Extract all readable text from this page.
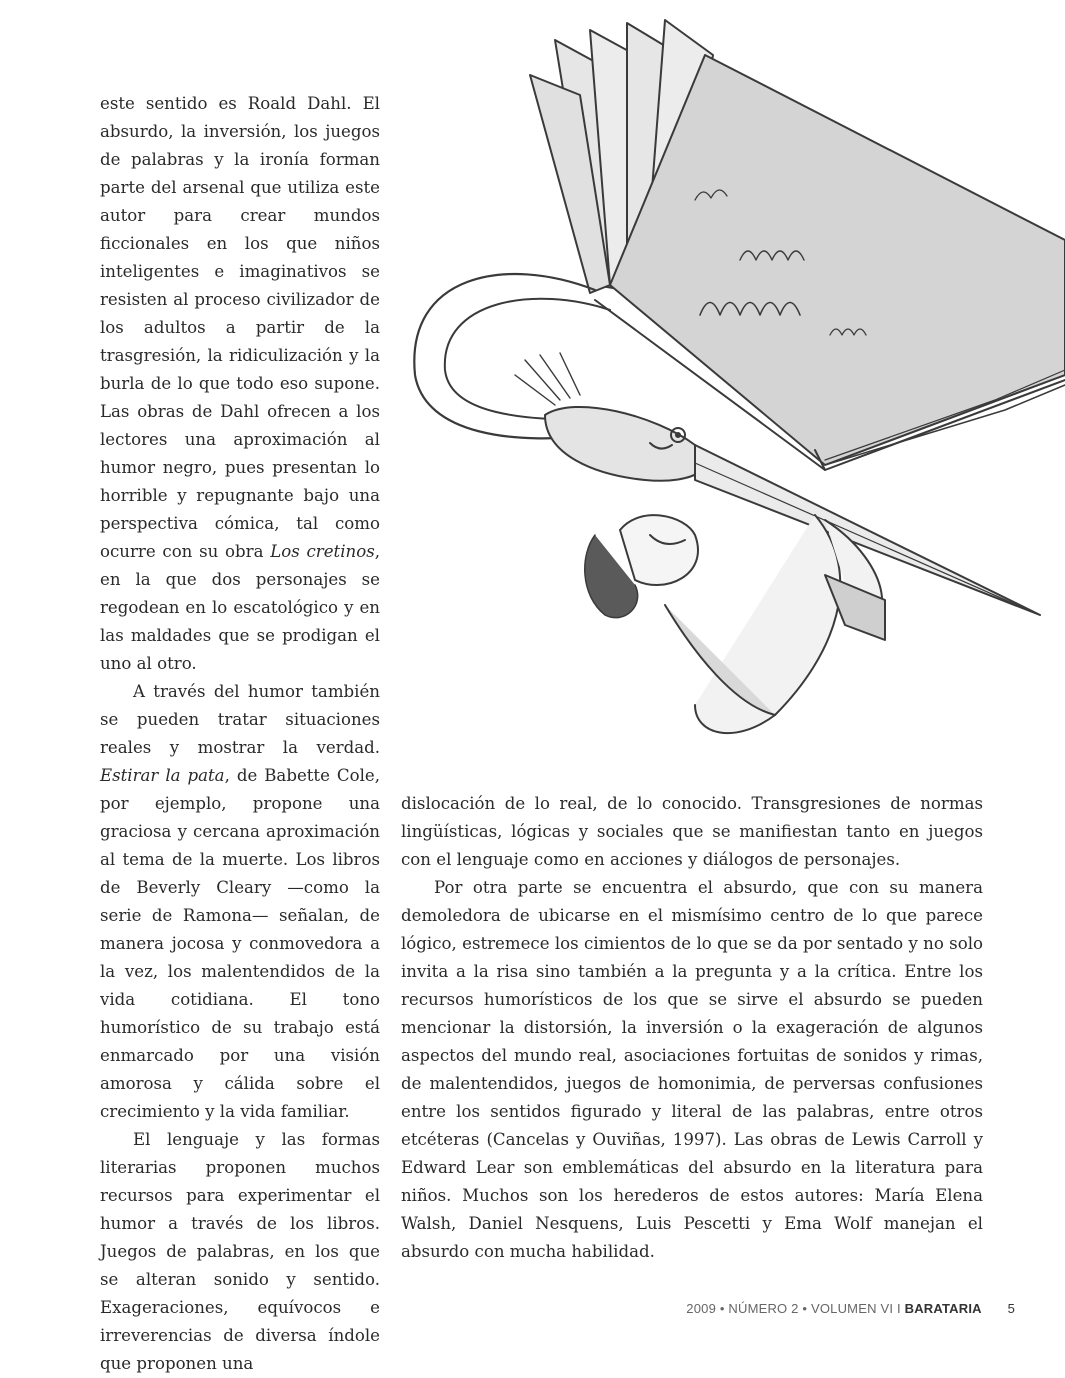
este sentido es Roald Dahl. El absurdo, la inversión, los juegos de palabras y la ironía forman parte del arsenal que utiliza este autor para crear mundos ficcionales en los que niños inteligentes e imaginativos se resisten al proceso civilizador de los adultos a partir de la trasgresión, la ridiculización y la burla de lo que todo eso supone. Las obras de Dahl ofrecen a los lectores una aproximación al humor negro, pues presentan lo horrible y repugnante bajo una perspectiva cómica, tal como ocurre con su obra Los cretinos, en la que dos personajes se regodean en lo escatológico y en las maldades que se prodigan el uno al otro.

A través del humor también se pueden tratar situaciones reales y mostrar la verdad. Estirar la pata, de Babette Cole, por ejemplo, propone una graciosa y cercana aproximación al tema de la muerte. Los libros de Beverly Cleary —como la serie de Ramona— señalan, de manera jocosa y conmovedora a la vez, los malentendidos de la vida cotidiana. El tono humorístico de su trabajo está enmarcado por una visión amorosa y cálida sobre el crecimiento y la vida familiar.

El lenguaje y las formas literarias proponen muchos recursos para experimentar el humor a través de los libros. Juegos de palabras, en los que se alteran sonido y sentido. Exageraciones, equívocos e irreverencias de diversa índole que proponen una

dislocación de lo real, de lo conocido. Transgresiones de normas lingüísticas, lógicas y sociales que se manifiestan tanto en juegos con el lenguaje como en acciones y diálogos de personajes.

Por otra parte se encuentra el absurdo, que con su manera demoledora de ubicarse en el mismísimo centro de lo que parece lógico, estremece los cimientos de lo que se da por sentado y no solo invita a la risa sino también a la pregunta y a la crítica. Entre los recursos humorísticos de los que se sirve el absurdo se pueden mencionar la distorsión, la inversión o la exageración de algunos aspectos del mundo real, asociaciones fortuitas de sonidos y rimas, de malentendidos, juegos de homonimia, de perversas confusiones entre los sentidos figurado y literal de las palabras, entre otros etcéteras (Cancelas y Ouviñas, 1997). Las obras de Lewis Carroll y Edward Lear son emblemáticas del absurdo en la literatura para niños. Muchos son los herederos de estos autores: María Elena Walsh, Daniel Nesquens, Luis Pescetti y Ema Wolf manejan el absurdo con mucha habilidad.

2009 • NÚMERO 2 • VOLUMEN VI I BARATARIA 5
